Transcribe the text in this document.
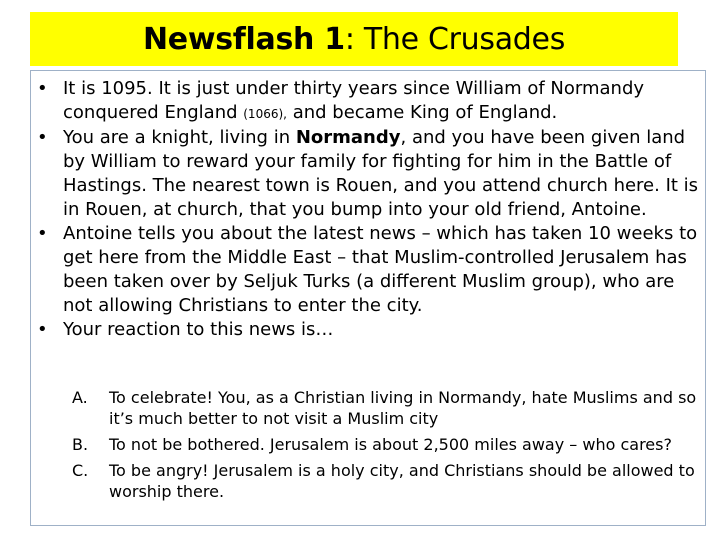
Newsflash 1: The Crusades
• It is 1095. It is just under thirty years since William of Normandy conquered England (1066), and became King of England.
• You are a knight, living in Normandy, and you have been given land by William to reward your family for fighting for him in the Battle of Hastings. The nearest town is Rouen, and you attend church here. It is in Rouen, at church, that you bump into your old friend, Antoine.
• Antoine tells you about the latest news – which has taken 10 weeks to get here from the Middle East – that Muslim-controlled Jerusalem has been taken over by Seljuk Turks (a different Muslim group), who are not allowing Christians to enter the city.
• Your reaction to this news is…
A. To celebrate! You, as a Christian living in Normandy, hate Muslims and so it’s much better to not visit a Muslim city
B. To not be bothered. Jerusalem is about 2,500 miles away – who cares?
C. To be angry! Jerusalem is a holy city, and Christians should be allowed to worship there.
